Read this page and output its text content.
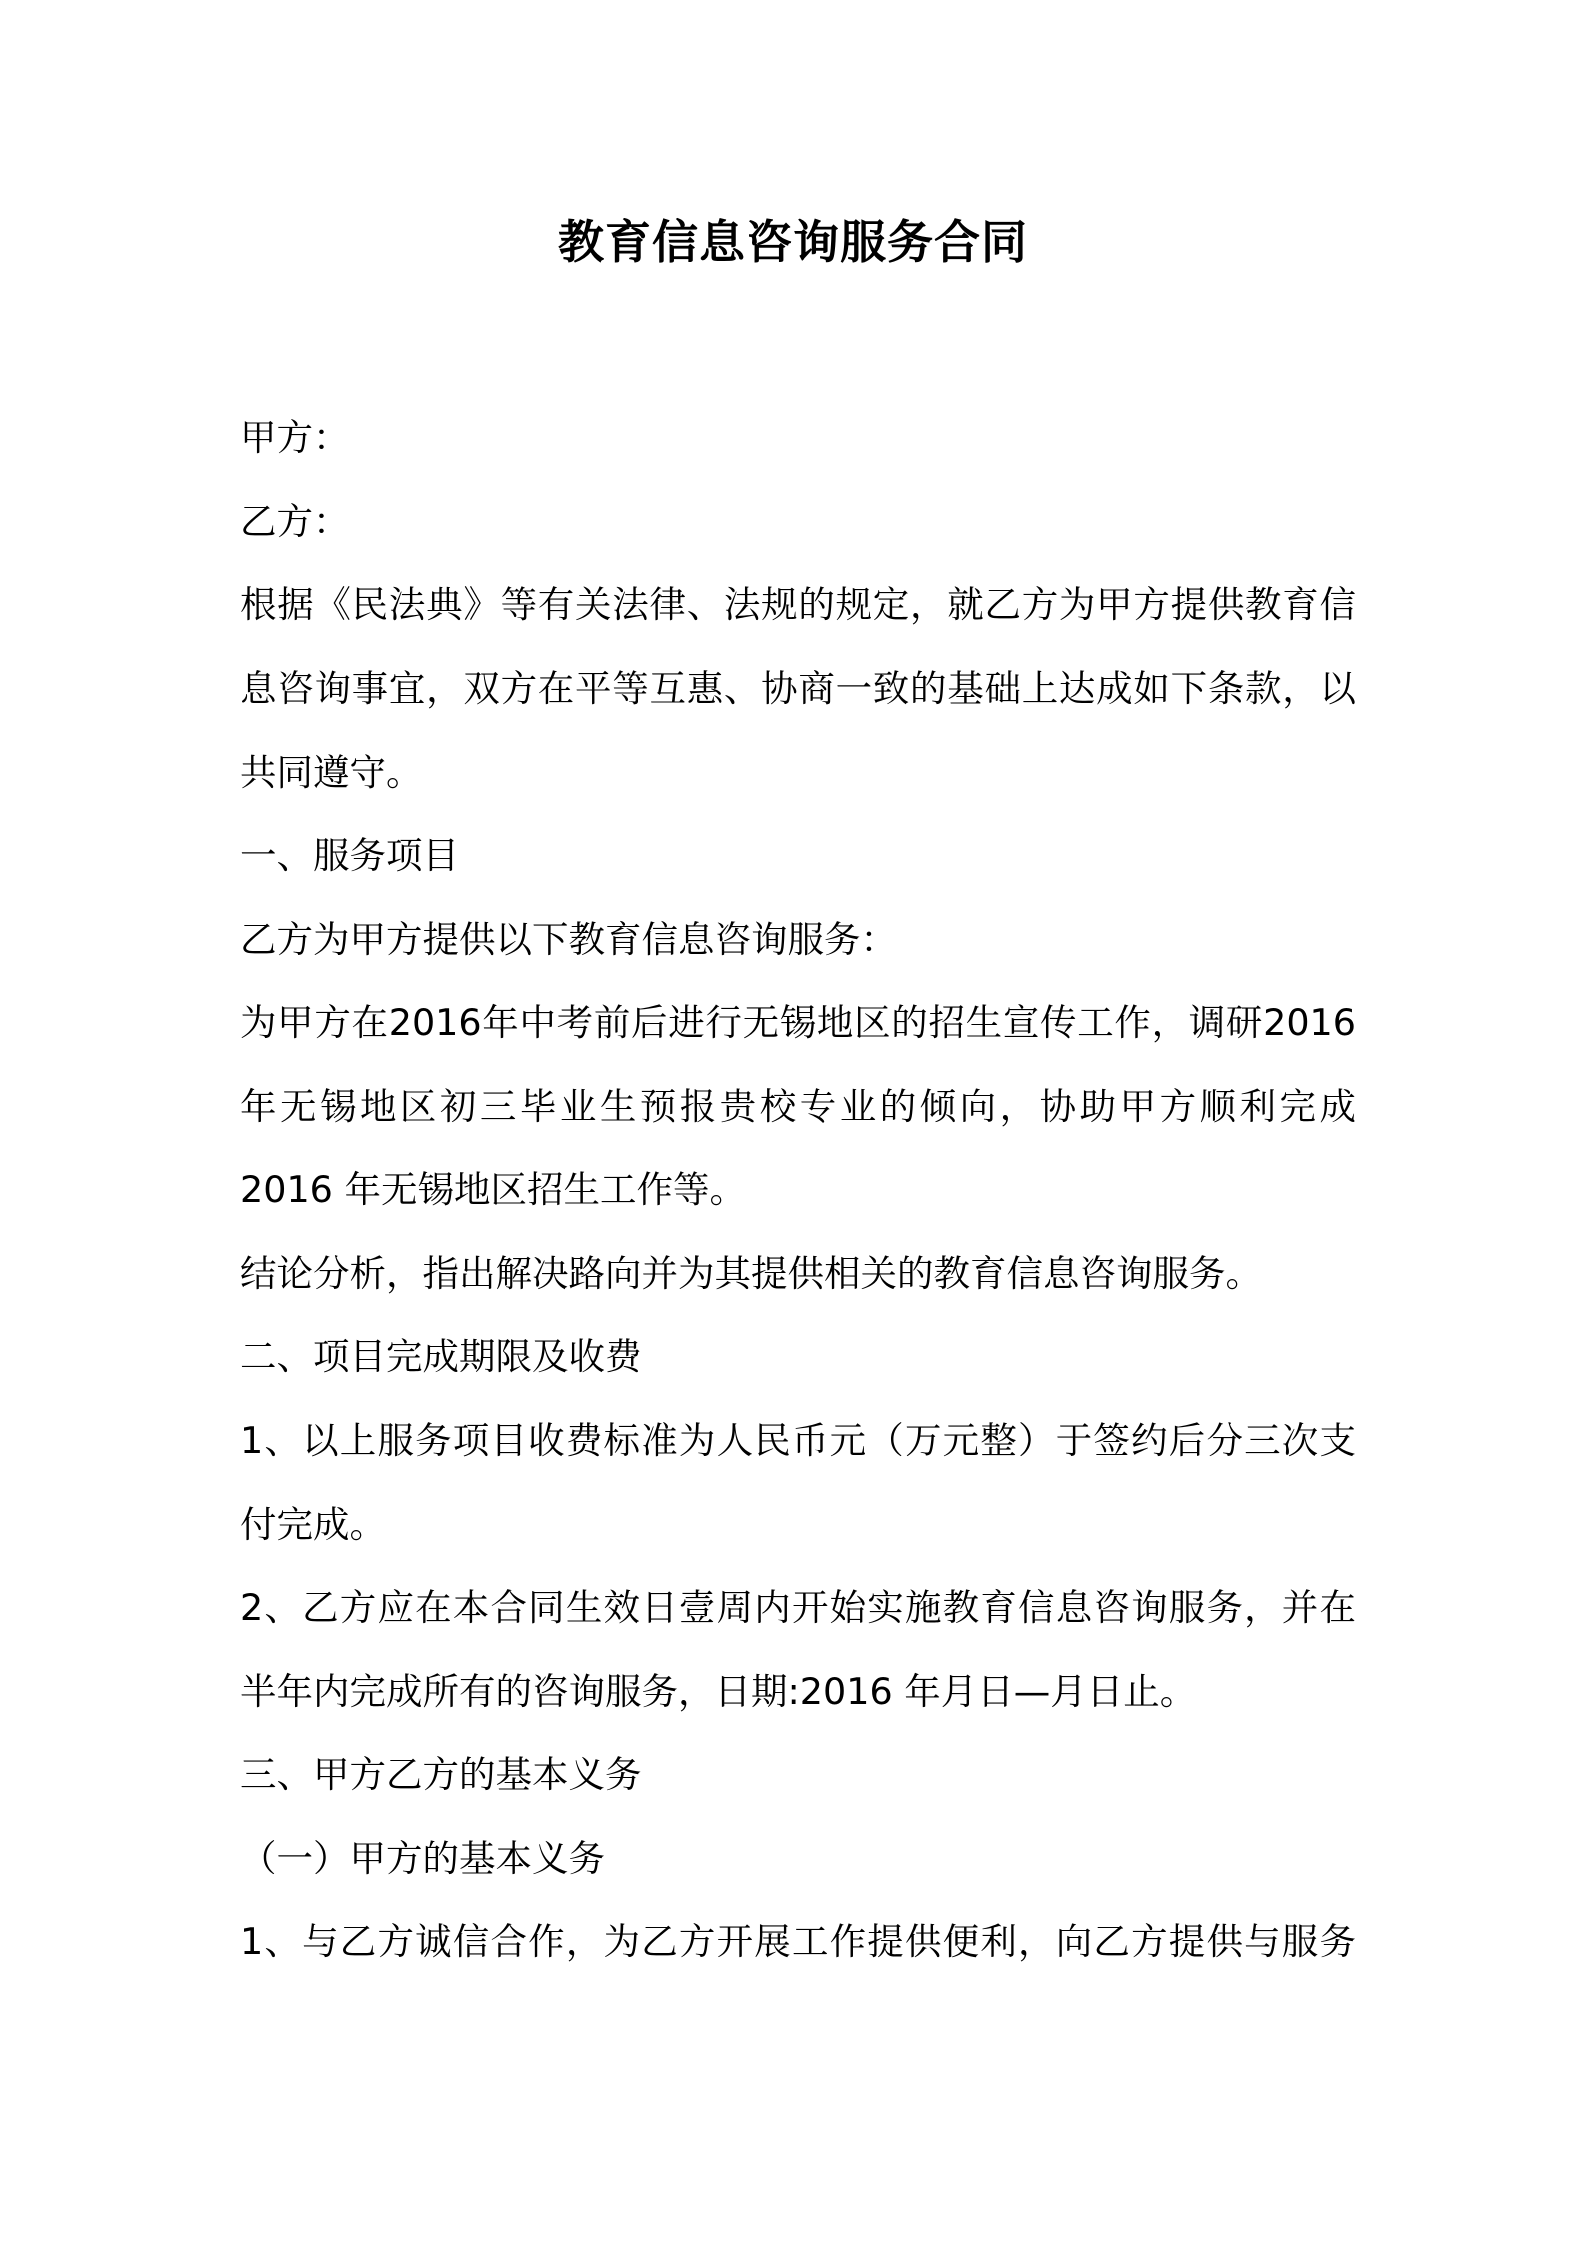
教育信息咨询服务合同

甲方：

乙方：

根据《民法典》等有关法律、法规的规定，就乙方为甲方提供教育信

息咨询事宜，双方在平等互惠、协商一致的基础上达成如下条款，以

共同遵守。

一、服务项目

乙方为甲方提供以下教育信息咨询服务：

为甲方在2016年中考前后进行无锡地区的招生宣传工作，调研2016

年无锡地区初三毕业生预报贵校专业的倾向，协助甲方顺利完成

2016 年无锡地区招生工作等。

结论分析，指出解决路向并为其提供相关的教育信息咨询服务。

二、项目完成期限及收费

1、以上服务项目收费标准为人民币元（万元整）于签约后分三次支

付完成。

2、乙方应在本合同生效日壹周内开始实施教育信息咨询服务，并在

半年内完成所有的咨询服务，日期:2016 年月日—月日止。

三、甲方乙方的基本义务

（一）甲方的基本义务

1、与乙方诚信合作，为乙方开展工作提供便利，向乙方提供与服务
